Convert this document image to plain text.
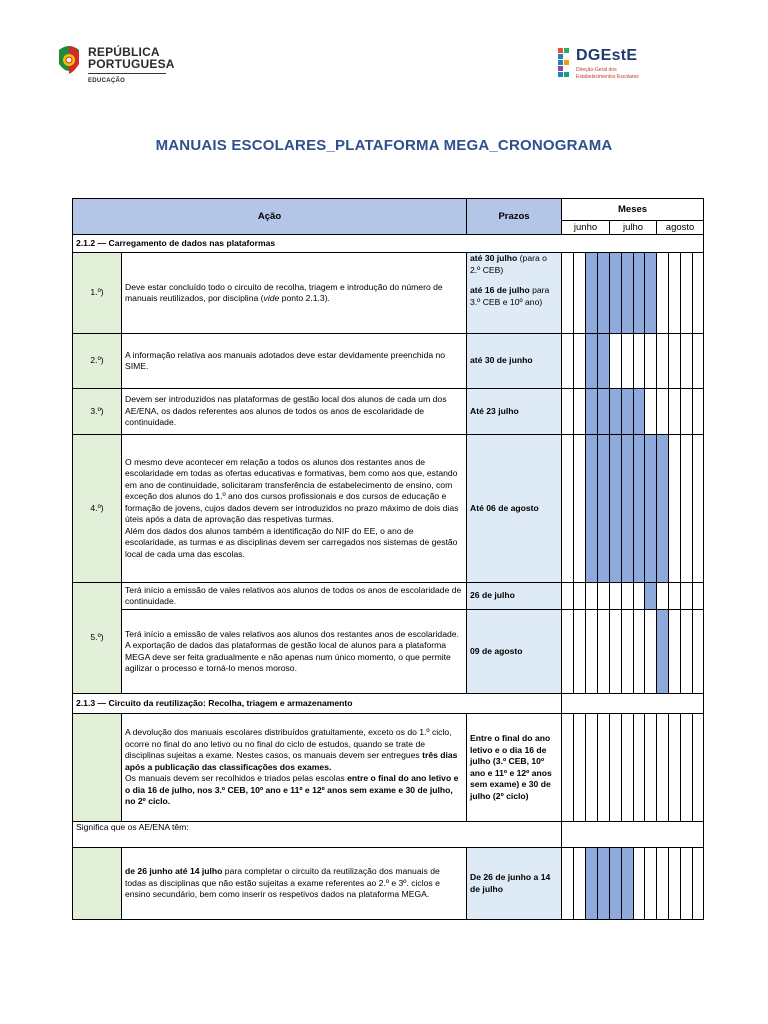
REPÚBLICA
PORTUGUESA
EDUCAÇÃO
DGEstE
Direção-Geral dos
Estabelecimentos Escolares
MANUAIS ESCOLARES_PLATAFORMA MEGA_CRONOGRAMA
Ação		Prazos	Meses											
			junho				julho				agosto			
2.1.2 — Carregamento de dados nas plataformas														
1.º)	Deve estar concluído todo o circuito de recolha, triagem e introdução do número de manuais reutilizados, por disciplina (vide ponto 2.1.3).	até 30 julho (para o 2.º CEB)
até 16 de julho para 3.º CEB e 10º ano)												
2.º)	A informação relativa aos manuais adotados deve estar devidamente preenchida no SIME.	até 30 de junho												
3.º)	Devem ser introduzidos nas plataformas de gestão local dos alunos de cada um dos AE/ENA, os dados referentes aos alunos de todos os anos de escolaridade de continuidade.	Até 23 julho												
4.º)	O mesmo deve acontecer em relação a todos os alunos dos restantes anos de escolaridade em todas as ofertas educativas e formativas, bem como aos que, estando em ano de continuidade, solicitaram transferência de estabelecimento de ensino, com exceção dos alunos do 1.º ano dos cursos profissionais e dos cursos de educação e formação de jovens, cujos dados devem ser introduzidos no prazo máximo de dois dias úteis após a data de aprovação das respetivas turmas.
Além dos dados dos alunos também a identificação do NIF do EE, o ano de escolaridade, as turmas e as disciplinas devem ser carregados nos sistemas de gestão local de cada uma das escolas.	Até 06 de agosto												
5.º)	Terá início a emissão de vales relativos aos alunos de todos os anos de escolaridade de continuidade.	26 de julho												
	Terá início a emissão de vales relativos aos alunos dos restantes anos de escolaridade. A exportação de dados das plataformas de gestão local de alunos para a plataforma MEGA deve ser feita gradualmente e não apenas num único momento, o que permite agilizar o processo e torná-lo menos moroso.	09 de agosto												
2.1.3 — Circuito da reutilização: Recolha, triagem e armazenamento														

	A devolução dos manuais escolares distribuídos gratuitamente, exceto os do 1.º ciclo, ocorre no final do ano letivo ou no final do ciclo de estudos, quando se trate de disciplinas sujeitas a exame. Nestes casos, os manuais devem ser entregues três dias após a publicação das classificações dos exames.
Os manuais devem ser recolhidos e triados pelas escolas entre o final do ano letivo e o dia 16 de julho, nos 3.º CEB, 10º ano e 11º e 12º anos sem exame e 30 de julho, no 2º ciclo.	Entre o final do ano letivo e o dia 16 de julho (3.º CEB, 10º ano e 11º e 12º anos sem exame) e 30 de julho (2º ciclo)												
Significa que os AE/ENA têm:														
	de 26 junho até 14 julho para completar o circuito da reutilização dos manuais de todas as disciplinas que não estão sujeitas a exame referentes ao 2.º e 3º. ciclos e ensino secundário, bem como inserir os respetivos dados na plataforma MEGA.	De 26 de junho a 14 de julho												
